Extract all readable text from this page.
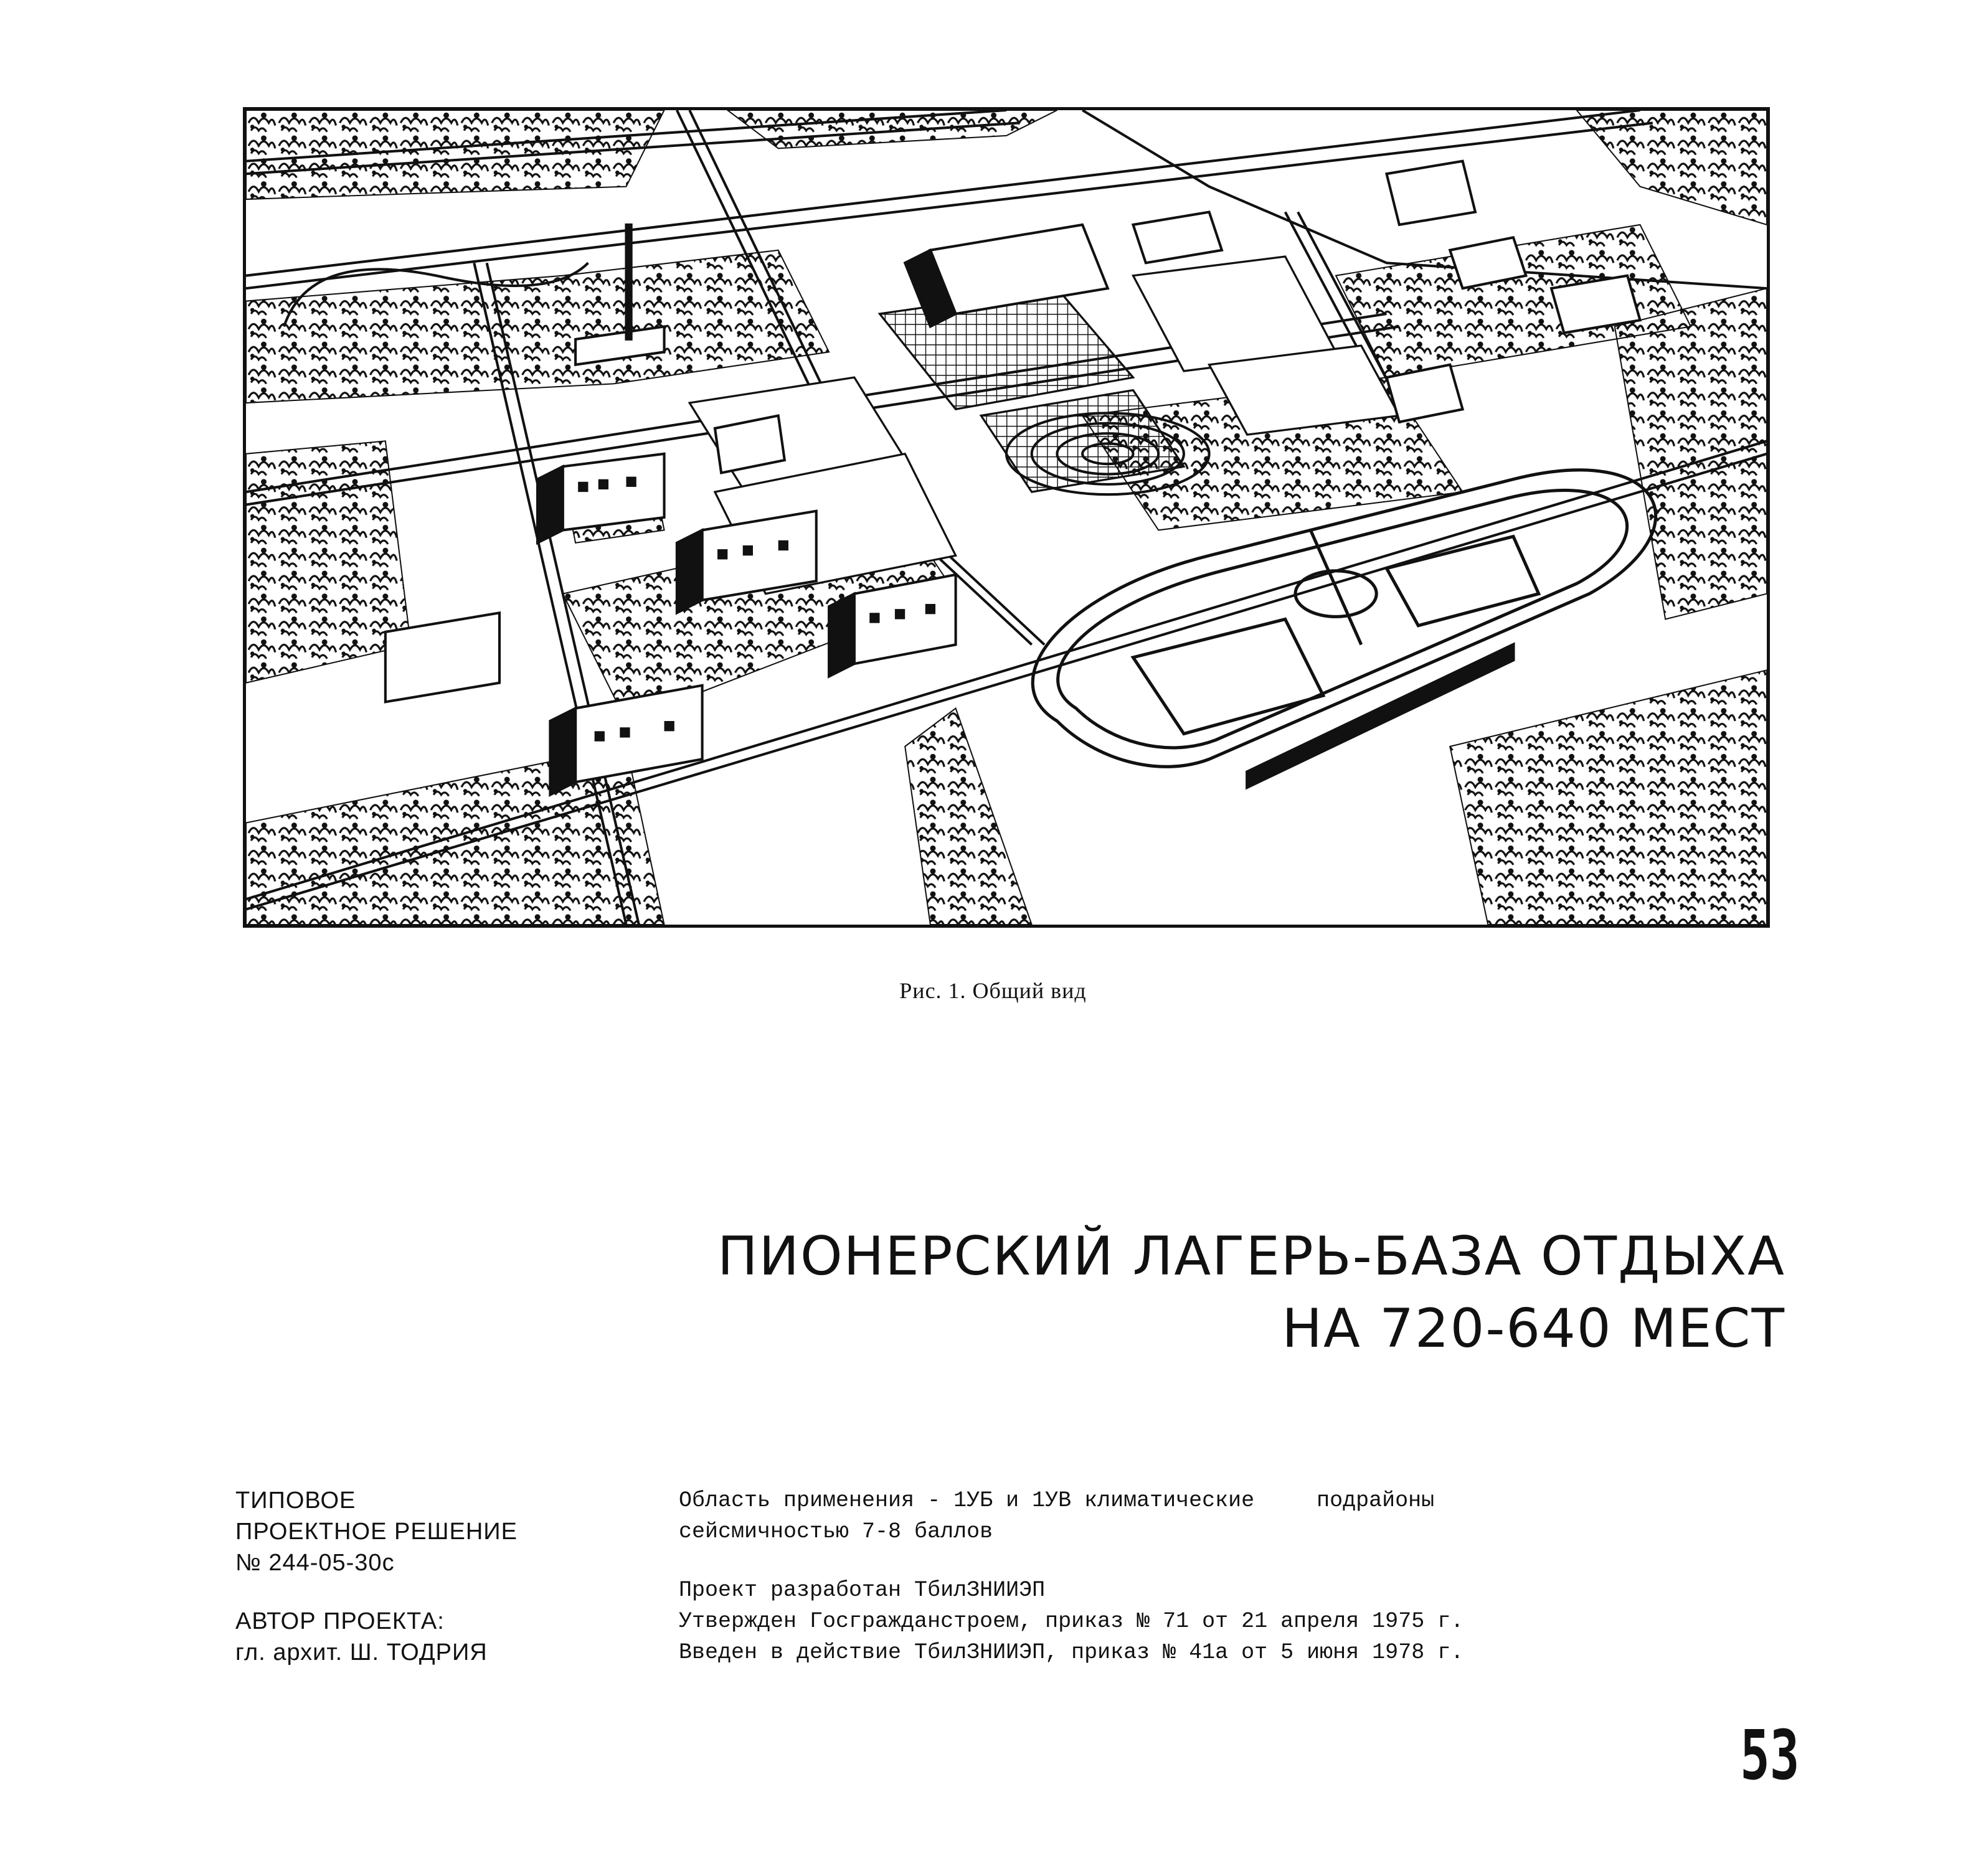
Рис. 1. Общий вид
ПИОНЕРСКИЙ ЛАГЕРЬ-БАЗА ОТДЫХА
НА 720-640 МЕСТ
ТИПОВОЕ
ПРОЕКТНОЕ РЕШЕНИЕ
№ 244-05-30с
АВТОР ПРОЕКТА:
гл. архит. Ш. ТОДРИЯ
Область применения - 1УБ и 1УВ климатические	подрайоны
сейсмичностью 7-8 баллов
Проект разработан ТбилЗНИИЭП
Утвержден Госгражданстроем, приказ № 71 от 21 апреля 1975 г.
Введен в действие ТбилЗНИИЭП, приказ № 41а от 5 июня 1978 г.
53
